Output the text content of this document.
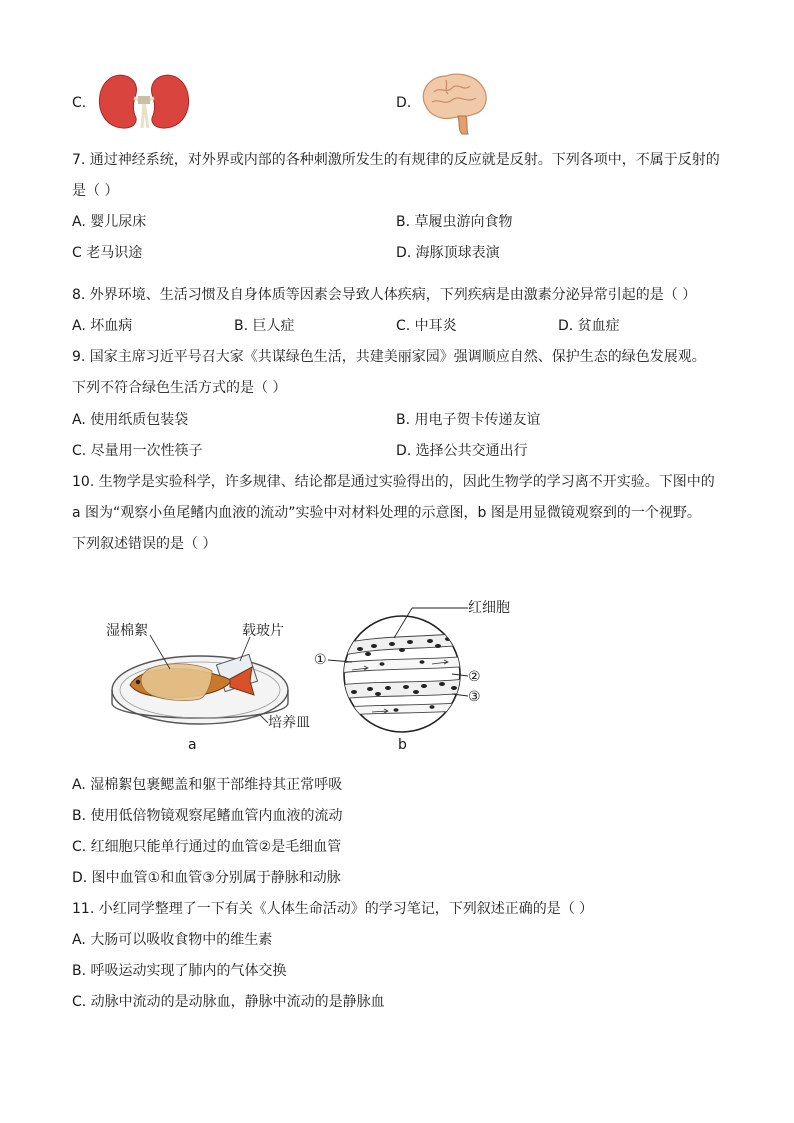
C.	D.
7. 通过神经系统，对外界或内部的各种刺激所发生的有规律的反应就是反射。下列各项中，不属于反射的
是（ ）
A. 婴儿尿床	B. 草履虫游向食物
C 老马识途	D. 海豚顶球表演
8. 外界环境、生活习惯及自身体质等因素会导致人体疾病，下列疾病是由激素分泌异常引起的是（ ）
A. 坏血病	B. 巨人症	C. 中耳炎	D. 贫血症
9. 国家主席习近平号召大家《共谋绿色生活，共建美丽家园》强调顺应自然、保护生态的绿色发展观。
下列不符合绿色生活方式的是（ ）
A. 使用纸质包装袋	B. 用电子贺卡传递友谊
C. 尽量用一次性筷子	D. 选择公共交通出行
10. 生物学是实验科学，许多规律、结论都是通过实验得出的，因此生物学的学习离不开实验。下图中的
a 图为“观察小鱼尾鳍内血液的流动”实验中对材料处理的示意图，b 图是用显微镜观察到的一个视野。
下列叙述错误的是（ ）
湿棉絮	载玻片
培养皿
a
红细胞
①
②
③
b
A. 湿棉絮包裹鳃盖和躯干部维持其正常呼吸
B. 使用低倍物镜观察尾鳍血管内血液的流动
C. 红细胞只能单行通过的血管②是毛细血管
D. 图中血管①和血管③分别属于静脉和动脉
11. 小红同学整理了一下有关《人体生命活动》的学习笔记，下列叙述正确的是（ ）
A. 大肠可以吸收食物中的维生素
B. 呼吸运动实现了肺内的气体交换
C. 动脉中流动的是动脉血，静脉中流动的是静脉血
